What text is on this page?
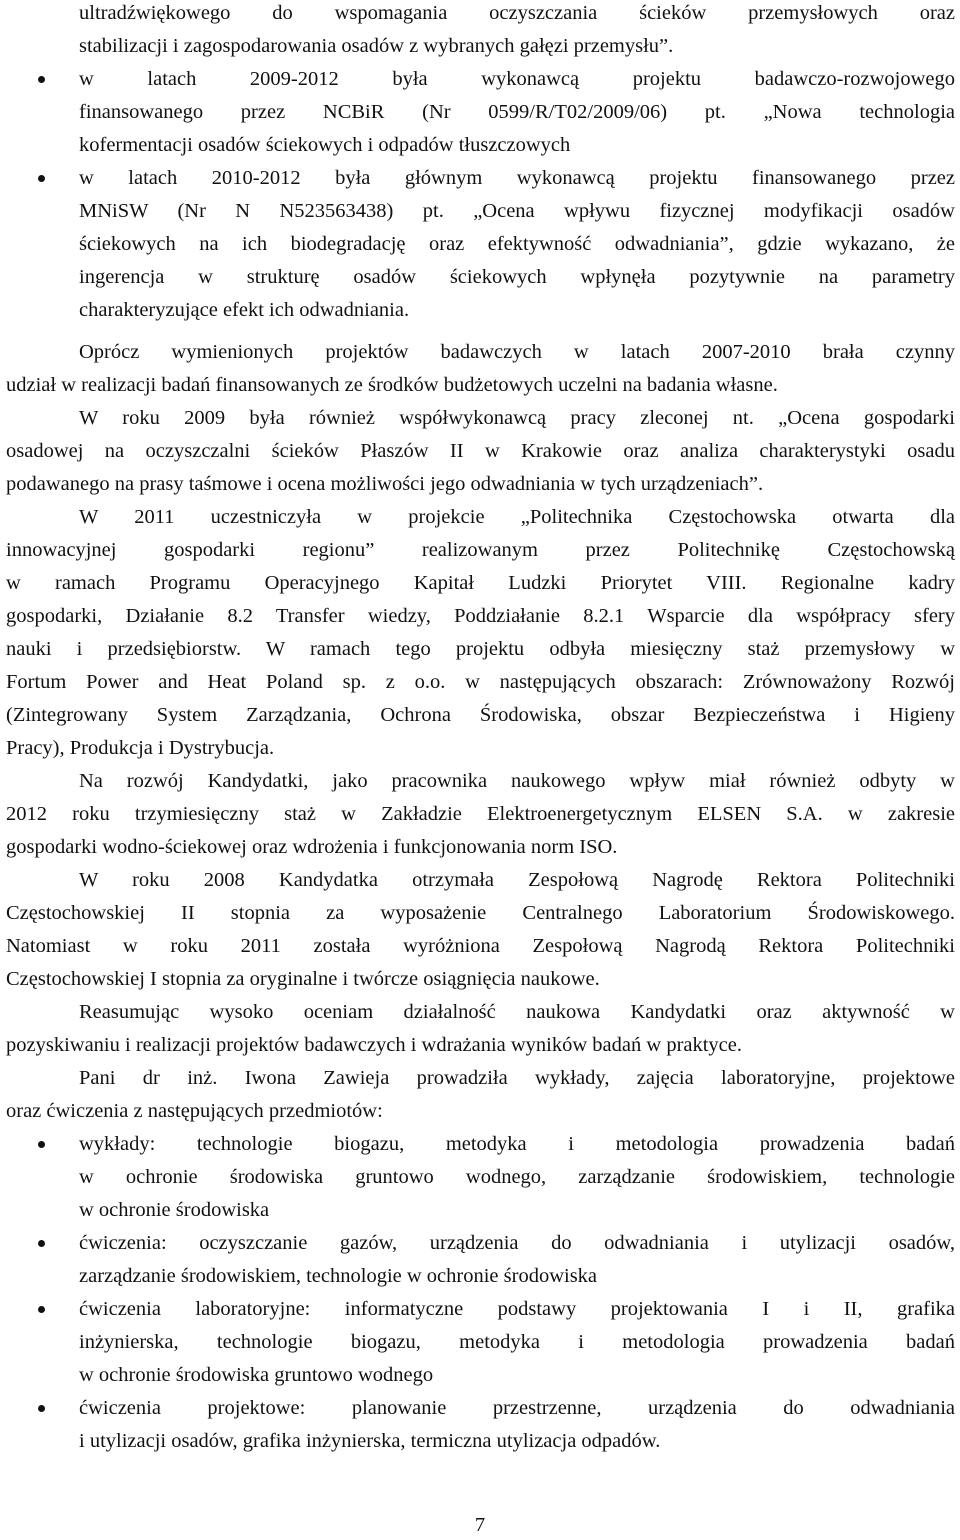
ultradźwiękowego do wspomagania oczyszczania ścieków przemysłowych oraz
stabilizacji i zagospodarowania osadów z wybranych gałęzi przemysłu”.
w latach 2009-2012 była wykonawcą projektu badawczo-rozwojowego
finansowanego przez NCBiR (Nr 0599/R/T02/2009/06) pt. „Nowa technologia
kofermentacji osadów ściekowych i odpadów tłuszczowych
w latach 2010-2012 była głównym wykonawcą projektu finansowanego przez
MNiSW (Nr N N523563438) pt. „Ocena wpływu fizycznej modyfikacji osadów
ściekowych na ich biodegradację oraz efektywność odwadniania”, gdzie wykazano, że
ingerencja w strukturę osadów ściekowych wpłynęła pozytywnie na parametry
charakteryzujące efekt ich odwadniania.
Oprócz wymienionych projektów badawczych w latach 2007-2010 brała czynny
udział w realizacji badań finansowanych ze środków budżetowych uczelni na badania własne.
W roku 2009 była również współwykonawcą pracy zleconej nt. „Ocena gospodarki
osadowej na oczyszczalni ścieków Płaszów II w Krakowie oraz analiza charakterystyki osadu
podawanego na prasy taśmowe i ocena możliwości jego odwadniania w tych urządzeniach”.
W 2011 uczestniczyła w projekcie „Politechnika Częstochowska otwarta dla
innowacyjnej gospodarki regionu” realizowanym przez Politechnikę Częstochowską
w ramach Programu Operacyjnego Kapitał Ludzki Priorytet VIII. Regionalne kadry
gospodarki, Działanie 8.2 Transfer wiedzy, Poddziałanie 8.2.1 Wsparcie dla współpracy sfery
nauki i przedsiębiorstw. W ramach tego projektu odbyła miesięczny staż przemysłowy w
Fortum Power and Heat Poland sp. z o.o. w następujących obszarach: Zrównoważony Rozwój
(Zintegrowany System Zarządzania, Ochrona Środowiska, obszar Bezpieczeństwa i Higieny
Pracy), Produkcja i Dystrybucja.
Na rozwój Kandydatki, jako pracownika naukowego wpływ miał również odbyty w
2012 roku trzymiesięczny staż w Zakładzie Elektroenergetycznym ELSEN S.A. w zakresie
gospodarki wodno-ściekowej oraz wdrożenia i funkcjonowania norm ISO.
W roku 2008 Kandydatka otrzymała Zespołową Nagrodę Rektora Politechniki
Częstochowskiej II stopnia za wyposażenie Centralnego Laboratorium Środowiskowego.
Natomiast w roku 2011 została wyróżniona Zespołową Nagrodą Rektora Politechniki
Częstochowskiej I stopnia za oryginalne i twórcze osiągnięcia naukowe.
Reasumując wysoko oceniam działalność naukowa Kandydatki oraz aktywność w
pozyskiwaniu i realizacji projektów badawczych i wdrażania wyników badań w praktyce.
Pani dr inż. Iwona Zawieja prowadziła wykłady, zajęcia laboratoryjne, projektowe
oraz ćwiczenia z następujących przedmiotów:
wykłady: technologie biogazu, metodyka i metodologia prowadzenia badań
w ochronie środowiska gruntowo wodnego, zarządzanie środowiskiem, technologie
w ochronie środowiska
ćwiczenia: oczyszczanie gazów, urządzenia do odwadniania i utylizacji osadów,
zarządzanie środowiskiem, technologie w ochronie środowiska
ćwiczenia laboratoryjne: informatyczne podstawy projektowania I i II, grafika
inżynierska, technologie biogazu, metodyka i metodologia prowadzenia badań
w ochronie środowiska gruntowo wodnego
ćwiczenia projektowe: planowanie przestrzenne, urządzenia do odwadniania
i utylizacji osadów, grafika inżynierska, termiczna utylizacja odpadów.
7
